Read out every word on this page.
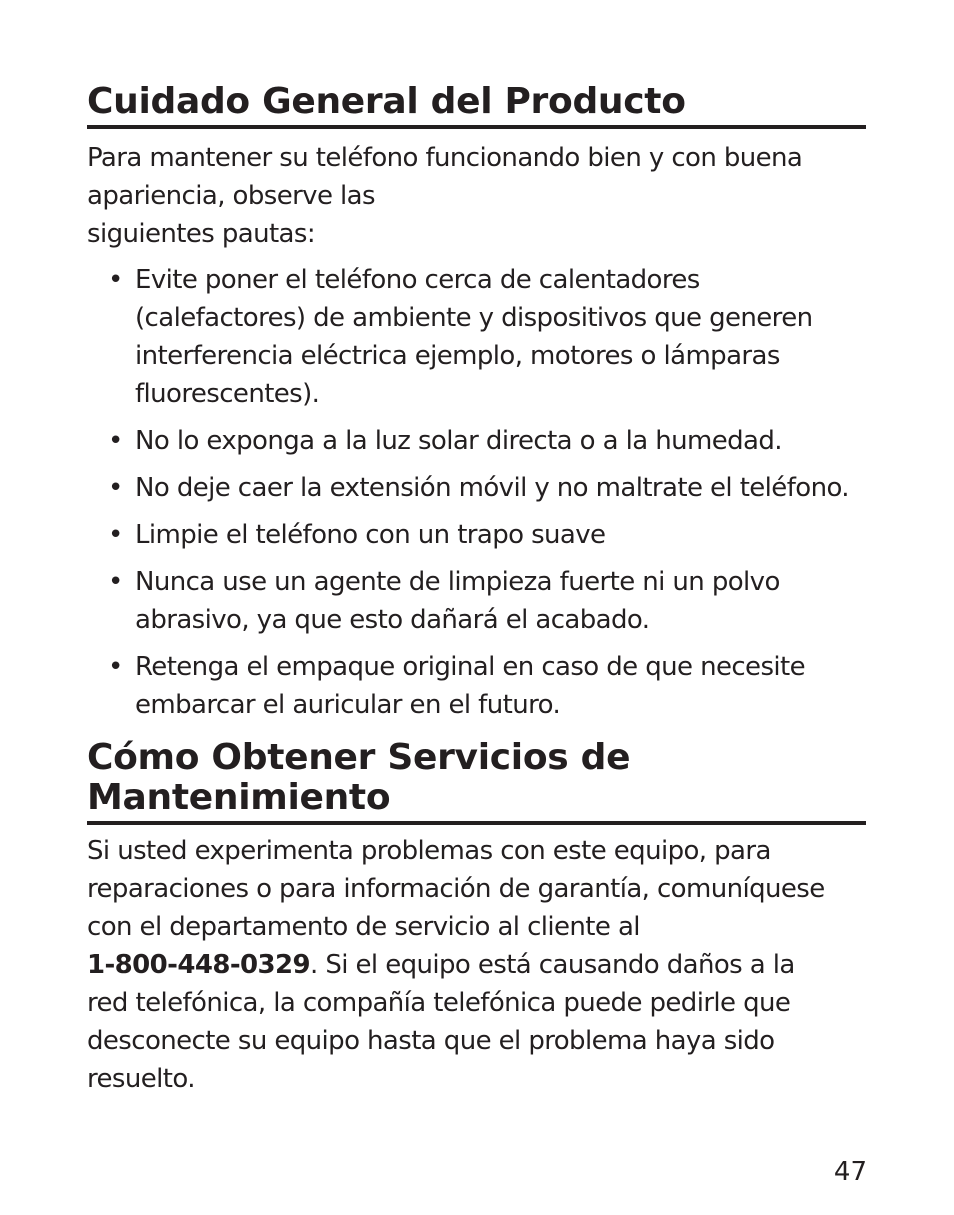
Cuidado General del Producto

Para mantener su teléfono funcionando bien y con buena
apariencia, observe las
siguientes pautas:

• Evite poner el teléfono cerca de calentadores
(calefactores) de ambiente y dispositivos que generen
interferencia eléctrica ejemplo, motores o lámparas
fluorescentes).
• No lo exponga a la luz solar directa o a la humedad.
• No deje caer la extensión móvil y no maltrate el teléfono.
• Limpie el teléfono con un trapo suave
• Nunca use un agente de limpieza fuerte ni un polvo
abrasivo, ya que esto dañará el acabado.
• Retenga el empaque original en caso de que necesite
embarcar el auricular en el futuro.
Cómo Obtener Servicios de
Mantenimiento

Si usted experimenta problemas con este equipo, para
reparaciones o para información de garantía, comuníquese
con el departamento de servicio al cliente al
1-800-448-0329. Si el equipo está causando daños a la
red telefónica, la compañía telefónica puede pedirle que
desconecte su equipo hasta que el problema haya sido
resuelto.

47
